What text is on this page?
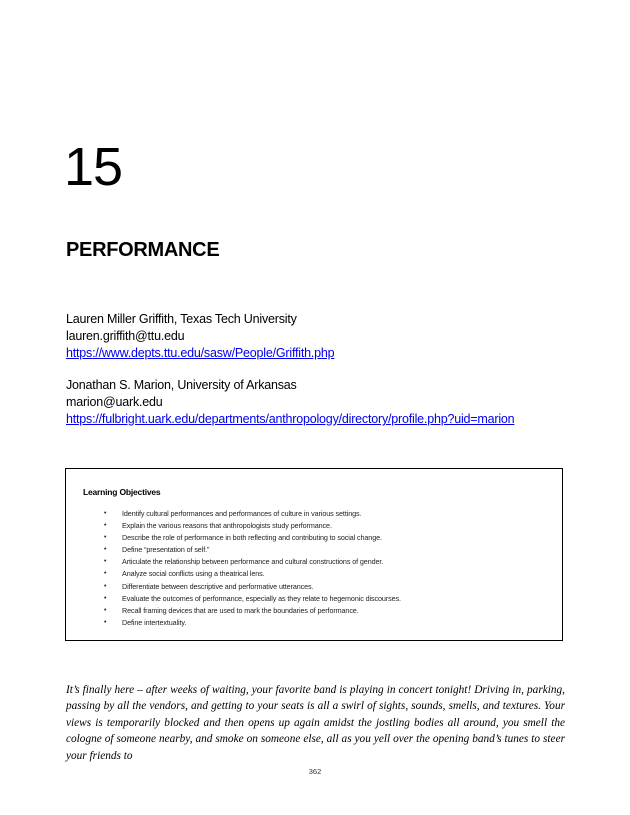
15
PERFORMANCE
Lauren Miller Griffith, Texas Tech University
lauren.griffith@ttu.edu
https://www.depts.ttu.edu/sasw/People/Griffith.php
Jonathan S. Marion, University of Arkansas
marion@uark.edu
https://fulbright.uark.edu/departments/anthropology/directory/profile.php?uid=marion
Learning Objectives
• Identify cultural performances and performances of culture in various settings.
• Explain the various reasons that anthropologists study performance.
• Describe the role of performance in both reflecting and contributing to social change.
• Define “presentation of self.”
• Articulate the relationship between performance and cultural constructions of gender.
• Analyze social conflicts using a theatrical lens.
• Differentiate between descriptive and performative utterances.
• Evaluate the outcomes of performance, especially as they relate to hegemonic discourses.
• Recall framing devices that are used to mark the boundaries of performance.
• Define intertextuality.

It’s finally here – after weeks of waiting, your favorite band is playing in concert tonight! Driving in, parking, passing by all the vendors, and getting to your seats is all a swirl of sights, sounds, smells, and textures. Your views is temporarily blocked and then opens up again amidst the jostling bodies all around, you smell the cologne of someone nearby, and smoke on someone else, all as you yell over the opening band’s tunes to steer your friends to

362
